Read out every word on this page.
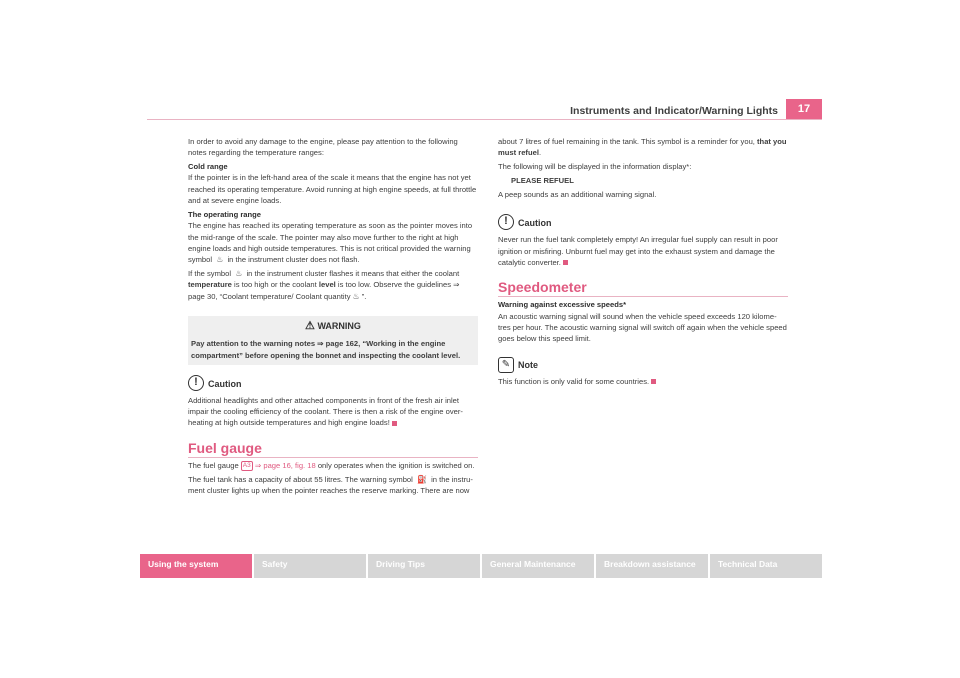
Instruments and Indicator/Warning Lights	17

In order to avoid any damage to the engine, please pay attention to the following notes regarding the temperature ranges:

Cold range

If the pointer is in the left-hand area of the scale it means that the engine has not yet reached its operating temperature. Avoid running at high engine speeds, at full throttle and at severe engine loads.

The operating range

The engine has reached its operating temperature as soon as the pointer moves into the mid-range of the scale. The pointer may also move further to the right at high engine loads and high outside temperatures. This is not critical provided the warning symbol ♨ in the instrument cluster does not flash.

If the symbol ♨ in the instrument cluster flashes it means that either the coolant temperature is too high or the coolant level is too low. Observe the guidelines ⇒ page 30, “Coolant temperature/ Coolant quantity ♨ ”.

⚠ WARNING
Pay attention to the warning notes ⇒ page 162, “Working in the engine compartment” before opening the bonnet and inspecting the coolant level.
!	Caution

Additional headlights and other attached components in front of the fresh air inlet impair the cooling efficiency of the coolant. There is then a risk of the engine over-heating at high outside temperatures and high engine loads!

Fuel gauge

The fuel gauge A3 ⇒ page 16, fig. 18 only operates when the ignition is switched on.

The fuel tank has a capacity of about 55 litres. The warning symbol ⛽ in the instru-ment cluster lights up when the pointer reaches the reserve marking. There are now

about 7 litres of fuel remaining in the tank. This symbol is a reminder for you, that you must refuel.

The following will be displayed in the information display*:

PLEASE REFUEL

A peep sounds as an additional warning signal.

!	Caution

Never run the fuel tank completely empty! An irregular fuel supply can result in poor ignition or misfiring. Unburnt fuel may get into the exhaust system and damage the catalytic converter.

Speedometer

Warning against excessive speeds*

An acoustic warning signal will sound when the vehicle speed exceeds 120 kilome-tres per hour. The acoustic warning signal will switch off again when the vehicle speed goes below this speed limit.

✎ Note

This function is only valid for some countries.

Using the system	Safety	Driving Tips	General Maintenance	Breakdown assistance	Technical Data
